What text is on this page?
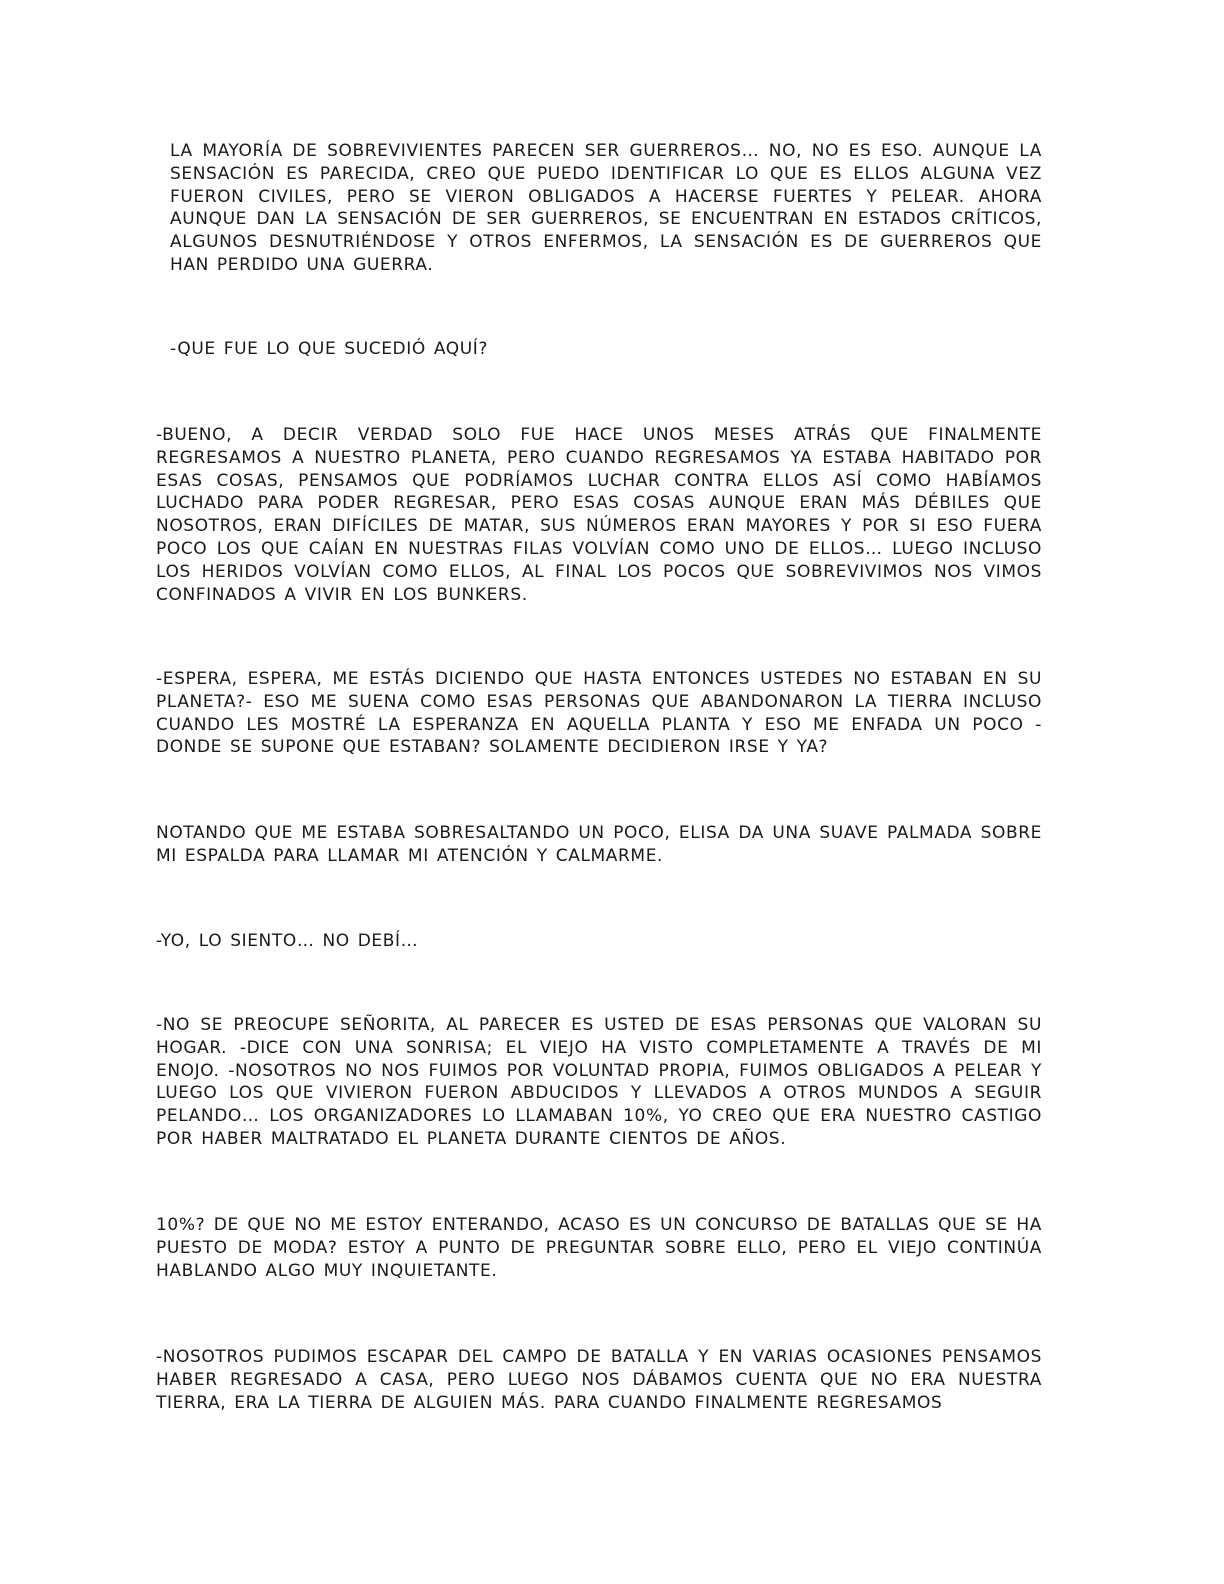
LA MAYORÍA DE SOBREVIVIENTES PARECEN SER GUERREROS… NO, NO ES ESO. AUNQUE LA SENSACIÓN ES PARECIDA, CREO QUE PUEDO IDENTIFICAR LO QUE ES ELLOS ALGUNA VEZ FUERON CIVILES, PERO SE VIERON OBLIGADOS A HACERSE FUERTES Y PELEAR. AHORA AUNQUE DAN LA SENSACIÓN DE SER GUERREROS, SE ENCUENTRAN EN ESTADOS CRÍTICOS, ALGUNOS DESNUTRIÉNDOSE Y OTROS ENFERMOS, LA SENSACIÓN ES DE GUERREROS QUE HAN PERDIDO UNA GUERRA.

-QUE FUE LO QUE SUCEDIÓ AQUÍ?

-BUENO, A DECIR VERDAD SOLO FUE HACE UNOS MESES ATRÁS QUE FINALMENTE REGRESAMOS A NUESTRO PLANETA, PERO CUANDO REGRESAMOS YA ESTABA HABITADO POR ESAS COSAS, PENSAMOS QUE PODRÍAMOS LUCHAR CONTRA ELLOS ASÍ COMO HABÍAMOS LUCHADO PARA PODER REGRESAR, PERO ESAS COSAS AUNQUE ERAN MÁS DÉBILES QUE NOSOTROS, ERAN DIFÍCILES DE MATAR, SUS NÚMEROS ERAN MAYORES Y POR SI ESO FUERA POCO LOS QUE CAÍAN EN NUESTRAS FILAS VOLVÍAN COMO UNO DE ELLOS… LUEGO INCLUSO LOS HERIDOS VOLVÍAN COMO ELLOS, AL FINAL LOS POCOS QUE SOBREVIVIMOS NOS VIMOS CONFINADOS A VIVIR EN LOS BUNKERS.

-ESPERA, ESPERA, ME ESTÁS DICIENDO QUE HASTA ENTONCES USTEDES NO ESTABAN EN SU PLANETA?- ESO ME SUENA COMO ESAS PERSONAS QUE ABANDONARON LA TIERRA INCLUSO CUANDO LES MOSTRÉ LA ESPERANZA EN AQUELLA PLANTA Y ESO ME ENFADA UN POCO -DONDE SE SUPONE QUE ESTABAN? SOLAMENTE DECIDIERON IRSE Y YA?

NOTANDO QUE ME ESTABA SOBRESALTANDO UN POCO, ELISA DA UNA SUAVE PALMADA SOBRE MI ESPALDA PARA LLAMAR MI ATENCIÓN Y CALMARME.

-YO, LO SIENTO… NO DEBÍ…

-NO SE PREOCUPE SEÑORITA, AL PARECER ES USTED DE ESAS PERSONAS QUE VALORAN SU HOGAR. -DICE CON UNA SONRISA; EL VIEJO HA VISTO COMPLETAMENTE A TRAVÉS DE MI ENOJO. -NOSOTROS NO NOS FUIMOS POR VOLUNTAD PROPIA, FUIMOS OBLIGADOS A PELEAR Y LUEGO LOS QUE VIVIERON FUERON ABDUCIDOS Y LLEVADOS A OTROS MUNDOS A SEGUIR PELANDO… LOS ORGANIZADORES LO LLAMABAN 10%, YO CREO QUE ERA NUESTRO CASTIGO POR HABER MALTRATADO EL PLANETA DURANTE CIENTOS DE AÑOS.

10%? DE QUE NO ME ESTOY ENTERANDO, ACASO ES UN CONCURSO DE BATALLAS QUE SE HA PUESTO DE MODA? ESTOY A PUNTO DE PREGUNTAR SOBRE ELLO, PERO EL VIEJO CONTINÚA HABLANDO ALGO MUY INQUIETANTE.

-NOSOTROS PUDIMOS ESCAPAR DEL CAMPO DE BATALLA Y EN VARIAS OCASIONES PENSAMOS HABER REGRESADO A CASA, PERO LUEGO NOS DÁBAMOS CUENTA QUE NO ERA NUESTRA TIERRA, ERA LA TIERRA DE ALGUIEN MÁS. PARA CUANDO FINALMENTE REGRESAMOS
